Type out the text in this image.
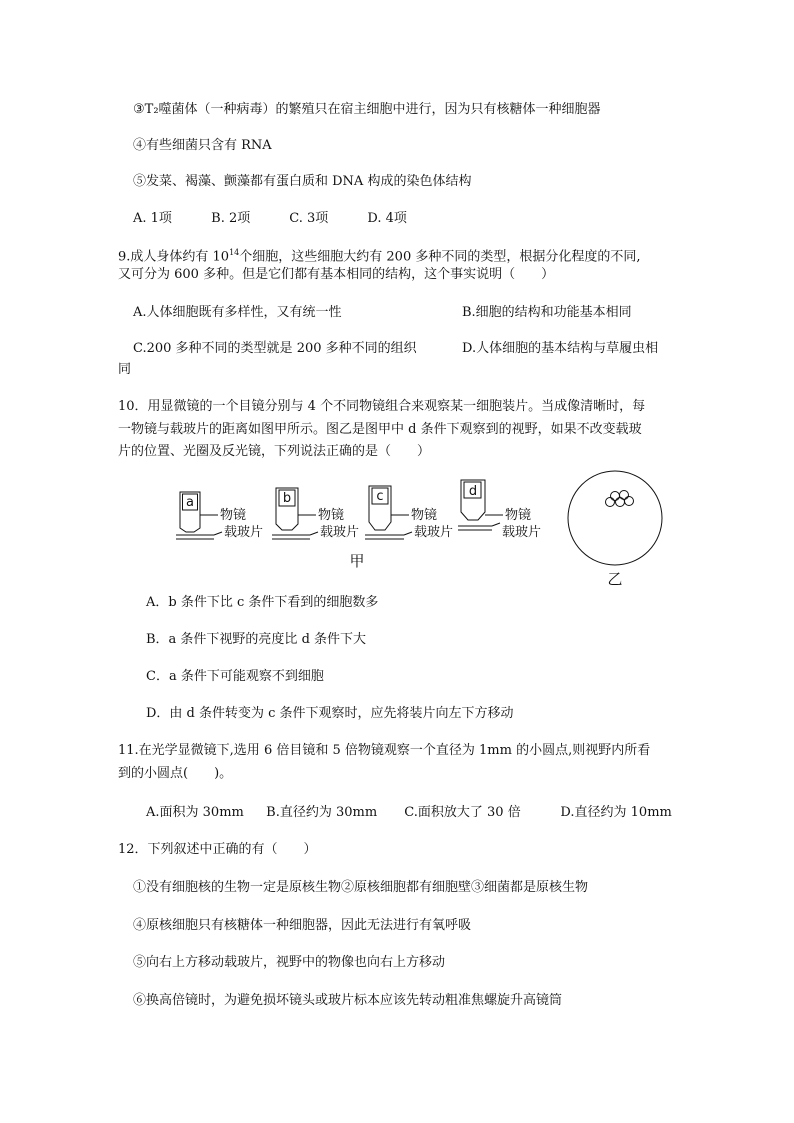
③T₂噬菌体（一种病毒）的繁殖只在宿主细胞中进行，因为只有核糖体一种细胞器
④有些细菌只含有 RNA
⑤发菜、褐藻、颤藻都有蛋白质和 DNA 构成的染色体结构
A. 1项	B. 2项	C. 3项	D. 4项
9.成人身体约有 $10^{14}$个细胞，这些细胞大约有 200 多种不同的类型，根据分化程度的不同,
又可分为 600 多种。但是它们都有基本相同的结构，这个事实说明（　　）
A.人体细胞既有多样性，又有统一性	B.细胞的结构和功能基本相同
C.200 多种不同的类型就是 200 多种不同的组织	D.人体细胞的基本结构与草履虫相
同
10．用显微镜的一个目镜分别与 4 个不同物镜组合来观察某一细胞装片。当成像清晰时，每
一物镜与载玻片的距离如图甲所示。图乙是图甲中 d 条件下观察到的视野，如果不改变载玻
片的位置、光圈及反光镜，下列说法正确的是（　　）
a	b	c	d
物镜
载玻片
物镜
载玻片
物镜
载玻片
物镜
载玻片
甲
乙
A．b 条件下比 c 条件下看到的细胞数多
B．a 条件下视野的亮度比 d 条件下大
C．a 条件下可能观察不到细胞
D．由 d 条件转变为 c 条件下观察时，应先将装片向左下方移动
11.在光学显微镜下,选用 6 倍目镜和 5 倍物镜观察一个直径为 1mm 的小圆点,则视野内所看
到的小圆点(　　)。
A.面积为 30mm B.直径约为 30mm C.面积放大了 30 倍	D.直径约为 10mm
12．下列叙述中正确的有（　　）
①没有细胞核的生物一定是原核生物②原核细胞都有细胞壁③细菌都是原核生物
④原核细胞只有核糖体一种细胞器，因此无法进行有氧呼吸
⑤向右上方移动载玻片，视野中的物像也向右上方移动
⑥换高倍镜时，为避免损坏镜头或玻片标本应该先转动粗准焦螺旋升高镜筒
